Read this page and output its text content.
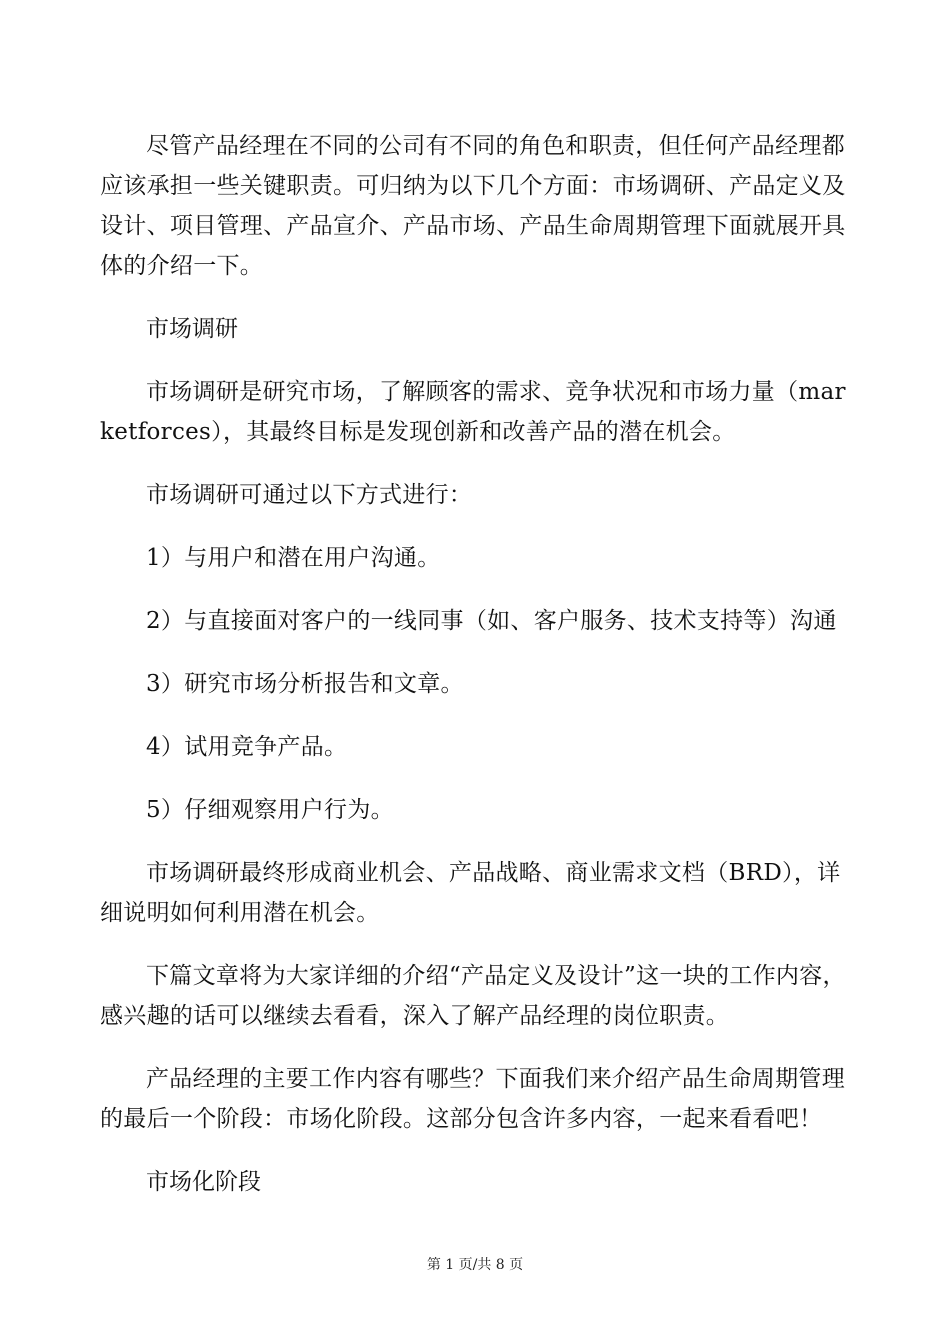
尽管产品经理在不同的公司有不同的角色和职责，但任何产品经理都应该承担一些关键职责。可归纳为以下几个方面：市场调研、产品定义及设计、项目管理、产品宣介、产品市场、产品生命周期管理下面就展开具体的介绍一下。

市场调研

市场调研是研究市场，了解顾客的需求、竞争状况和市场力量（marketforces），其最终目标是发现创新和改善产品的潜在机会。

市场调研可通过以下方式进行：

1）与用户和潜在用户沟通。

2）与直接面对客户的一线同事（如、客户服务、技术支持等）沟通

3）研究市场分析报告和文章。

4）试用竞争产品。

5）仔细观察用户行为。

市场调研最终形成商业机会、产品战略、商业需求文档（BRD），详细说明如何利用潜在机会。

下篇文章将为大家详细的介绍“产品定义及设计”这一块的工作内容，感兴趣的话可以继续去看看，深入了解产品经理的岗位职责。

产品经理的主要工作内容有哪些？下面我们来介绍产品生命周期管理的最后一个阶段：市场化阶段。这部分包含许多内容，一起来看看吧！

市场化阶段

第 1 页/共 8 页
